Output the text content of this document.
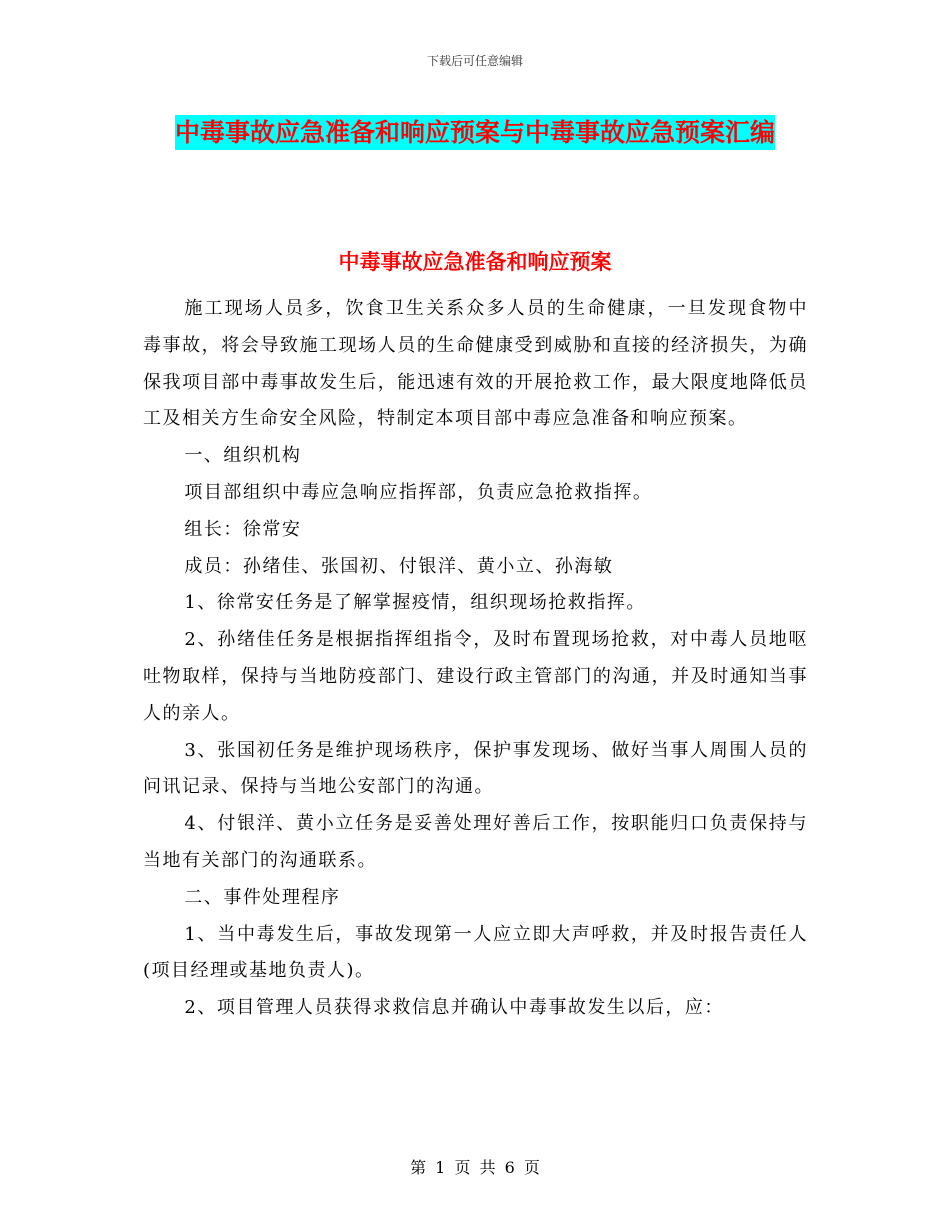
下载后可任意编辑
中毒事故应急准备和响应预案与中毒事故应急预案汇编
中毒事故应急准备和响应预案

施工现场人员多，饮食卫生关系众多人员的生命健康，一旦发现食物中毒事故，将会导致施工现场人员的生命健康受到威胁和直接的经济损失，为确保我项目部中毒事故发生后，能迅速有效的开展抢救工作，最大限度地降低员工及相关方生命安全风险，特制定本项目部中毒应急准备和响应预案。

一、组织机构

项目部组织中毒应急响应指挥部，负责应急抢救指挥。

组长：徐常安

成员：孙绪佳、张国初、付银洋、黄小立、孙海敏

1、徐常安任务是了解掌握疫情，组织现场抢救指挥。

2、孙绪佳任务是根据指挥组指令，及时布置现场抢救，对中毒人员地呕吐物取样，保持与当地防疫部门、建设行政主管部门的沟通，并及时通知当事人的亲人。

3、张国初任务是维护现场秩序，保护事发现场、做好当事人周围人员的问讯记录、保持与当地公安部门的沟通。

4、付银洋、黄小立任务是妥善处理好善后工作，按职能归口负责保持与当地有关部门的沟通联系。

二、事件处理程序

1、当中毒发生后，事故发现第一人应立即大声呼救，并及时报告责任人(项目经理或基地负责人)。

2、项目管理人员获得求救信息并确认中毒事故发生以后，应：

第 1 页 共 6 页
